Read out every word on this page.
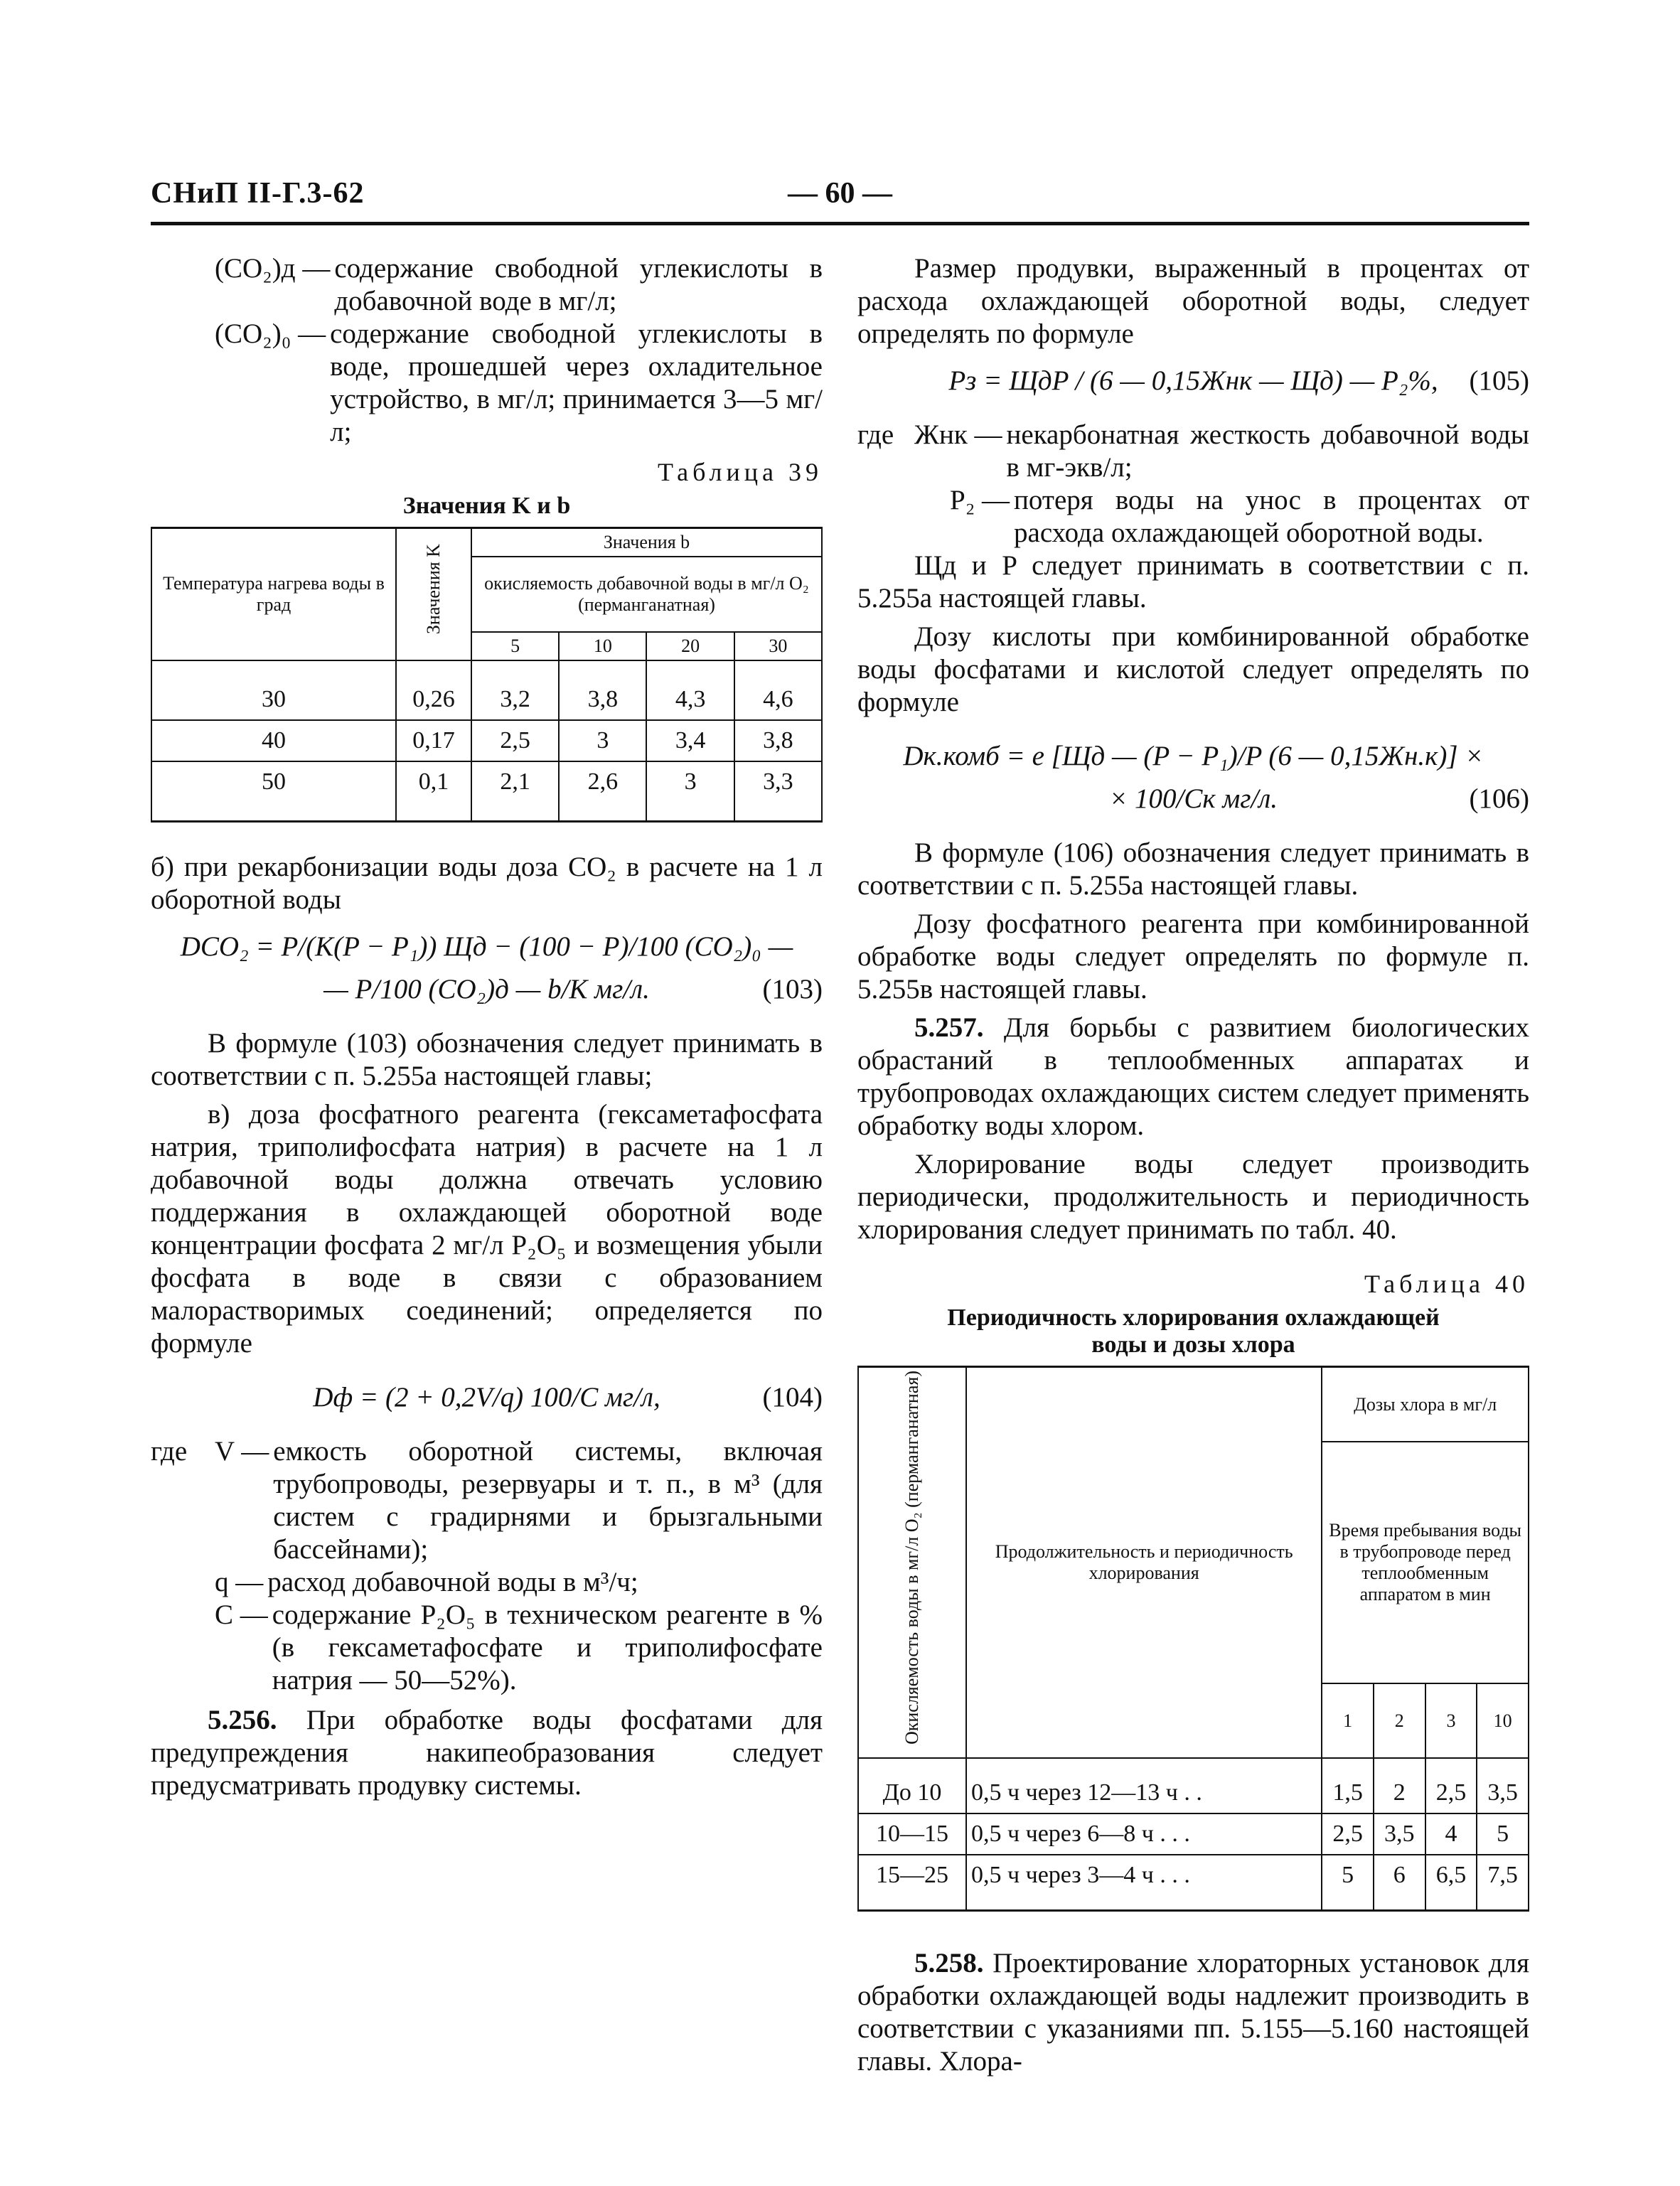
— 60 —
СНиП II-Г.3-62
(CO₂)д — содержание свободной углекислоты в добавочной воде в мг/л;
(CO₂)₀ — содержание свободной углекислоты в воде, прошедшей через охладительное устройство, в мг/л; принимается 3—5 мг/л;
Таблица 39
Значения K и b
Температура нагрева воды в град	Значения K	Значения b			
		окисляемость добавочной воды в мг/л O₂ (перманганатная)			
		5	10	20	30
30	0,26	3,2	3,8	4,3	4,6
40	0,17	2,5	3	3,4	3,8
50	0,1	2,1	2,6	3	3,3

б) при рекарбонизации воды доза CO₂ в расчете на 1 л оборотной воды

DCO₂ = P/(K(P − P₁)) Щд − (100 − P)/100 (CO₂)₀ —
— P/100 (CO₂)д — b/K мг/л.	(103)

В формуле (103) обозначения следует принимать в соответствии с п. 5.255а настоящей главы;

в) доза фосфатного реагента (гексаметафосфата натрия, триполифосфата натрия) в расчете на 1 л добавочной воды должна отвечать условию поддержания в охлаждающей оборотной воде концентрации фосфата 2 мг/л P₂O₅ и возмещения убыли фосфата в воде в связи с образованием малорастворимых соединений; определяется по формуле

Dф = (2 + 0,2V/q) 100/C мг/л,	(104)
где V — емкость оборотной системы, включая трубопроводы, резервуары и т. п., в м³ (для систем с градирнями и брызгальными бассейнами);
q — расход добавочной воды в м³/ч;
C — содержание P₂O₅ в техническом реагенте в % (в гексаметафосфате и триполифосфате натрия — 50—52%).

5.256. При обработке воды фосфатами для предупреждения накипеобразования следует предусматривать продувку системы.

Размер продувки, выраженный в процентах от расхода охлаждающей оборотной воды, следует определять по формуле

Pз = ЩдP / (6 — 0,15Жнк — Щд) — P₂%, (105)
где Жнк — некарбонатная жесткость добавочной воды в мг-экв/л;
P₂ — потеря воды на унос в процентах от расхода охлаждающей оборотной воды.

Щд и P следует принимать в соответствии с п. 5.255а настоящей главы.

Дозу кислоты при комбинированной обработке воды фосфатами и кислотой следует определять по формуле

Dк.комб = e [Щд — (P − P₁)/P (6 — 0,15Жн.к)] ×
× 100/Cк мг/л.	(106)

В формуле (106) обозначения следует принимать в соответствии с п. 5.255а настоящей главы.

Дозу фосфатного реагента при комбинированной обработке воды следует определять по формуле п. 5.255в настоящей главы.

5.257. Для борьбы с развитием биологических обрастаний в теплообменных аппаратах и трубопроводах охлаждающих систем следует применять обработку воды хлором.

Хлорирование воды следует производить периодически, продолжительность и периодичность хлорирования следует принимать по табл. 40.

Таблица 40
Периодичность хлорирования охлаждающей воды и дозы хлора
Окисляемость воды в мг/л O₂ (перманганатная)	Продолжительность и периодичность хлорирования	Дозы хлора в мг/л			
		Время пребывания воды в трубопроводе перед теплообменным аппаратом в мин			
		1	2	3	10
До 10	0,5 ч через 12—13 ч . .	1,5	2	2,5	3,5
10—15	0,5 ч через 6—8 ч . . .	2,5	3,5	4	5
15—25	0,5 ч через 3—4 ч . . .	5	6	6,5	7,5

5.258. Проектирование хлораторных установок для обработки охлаждающей воды надлежит производить в соответствии с указаниями пп. 5.155—5.160 настоящей главы. Хлора-
